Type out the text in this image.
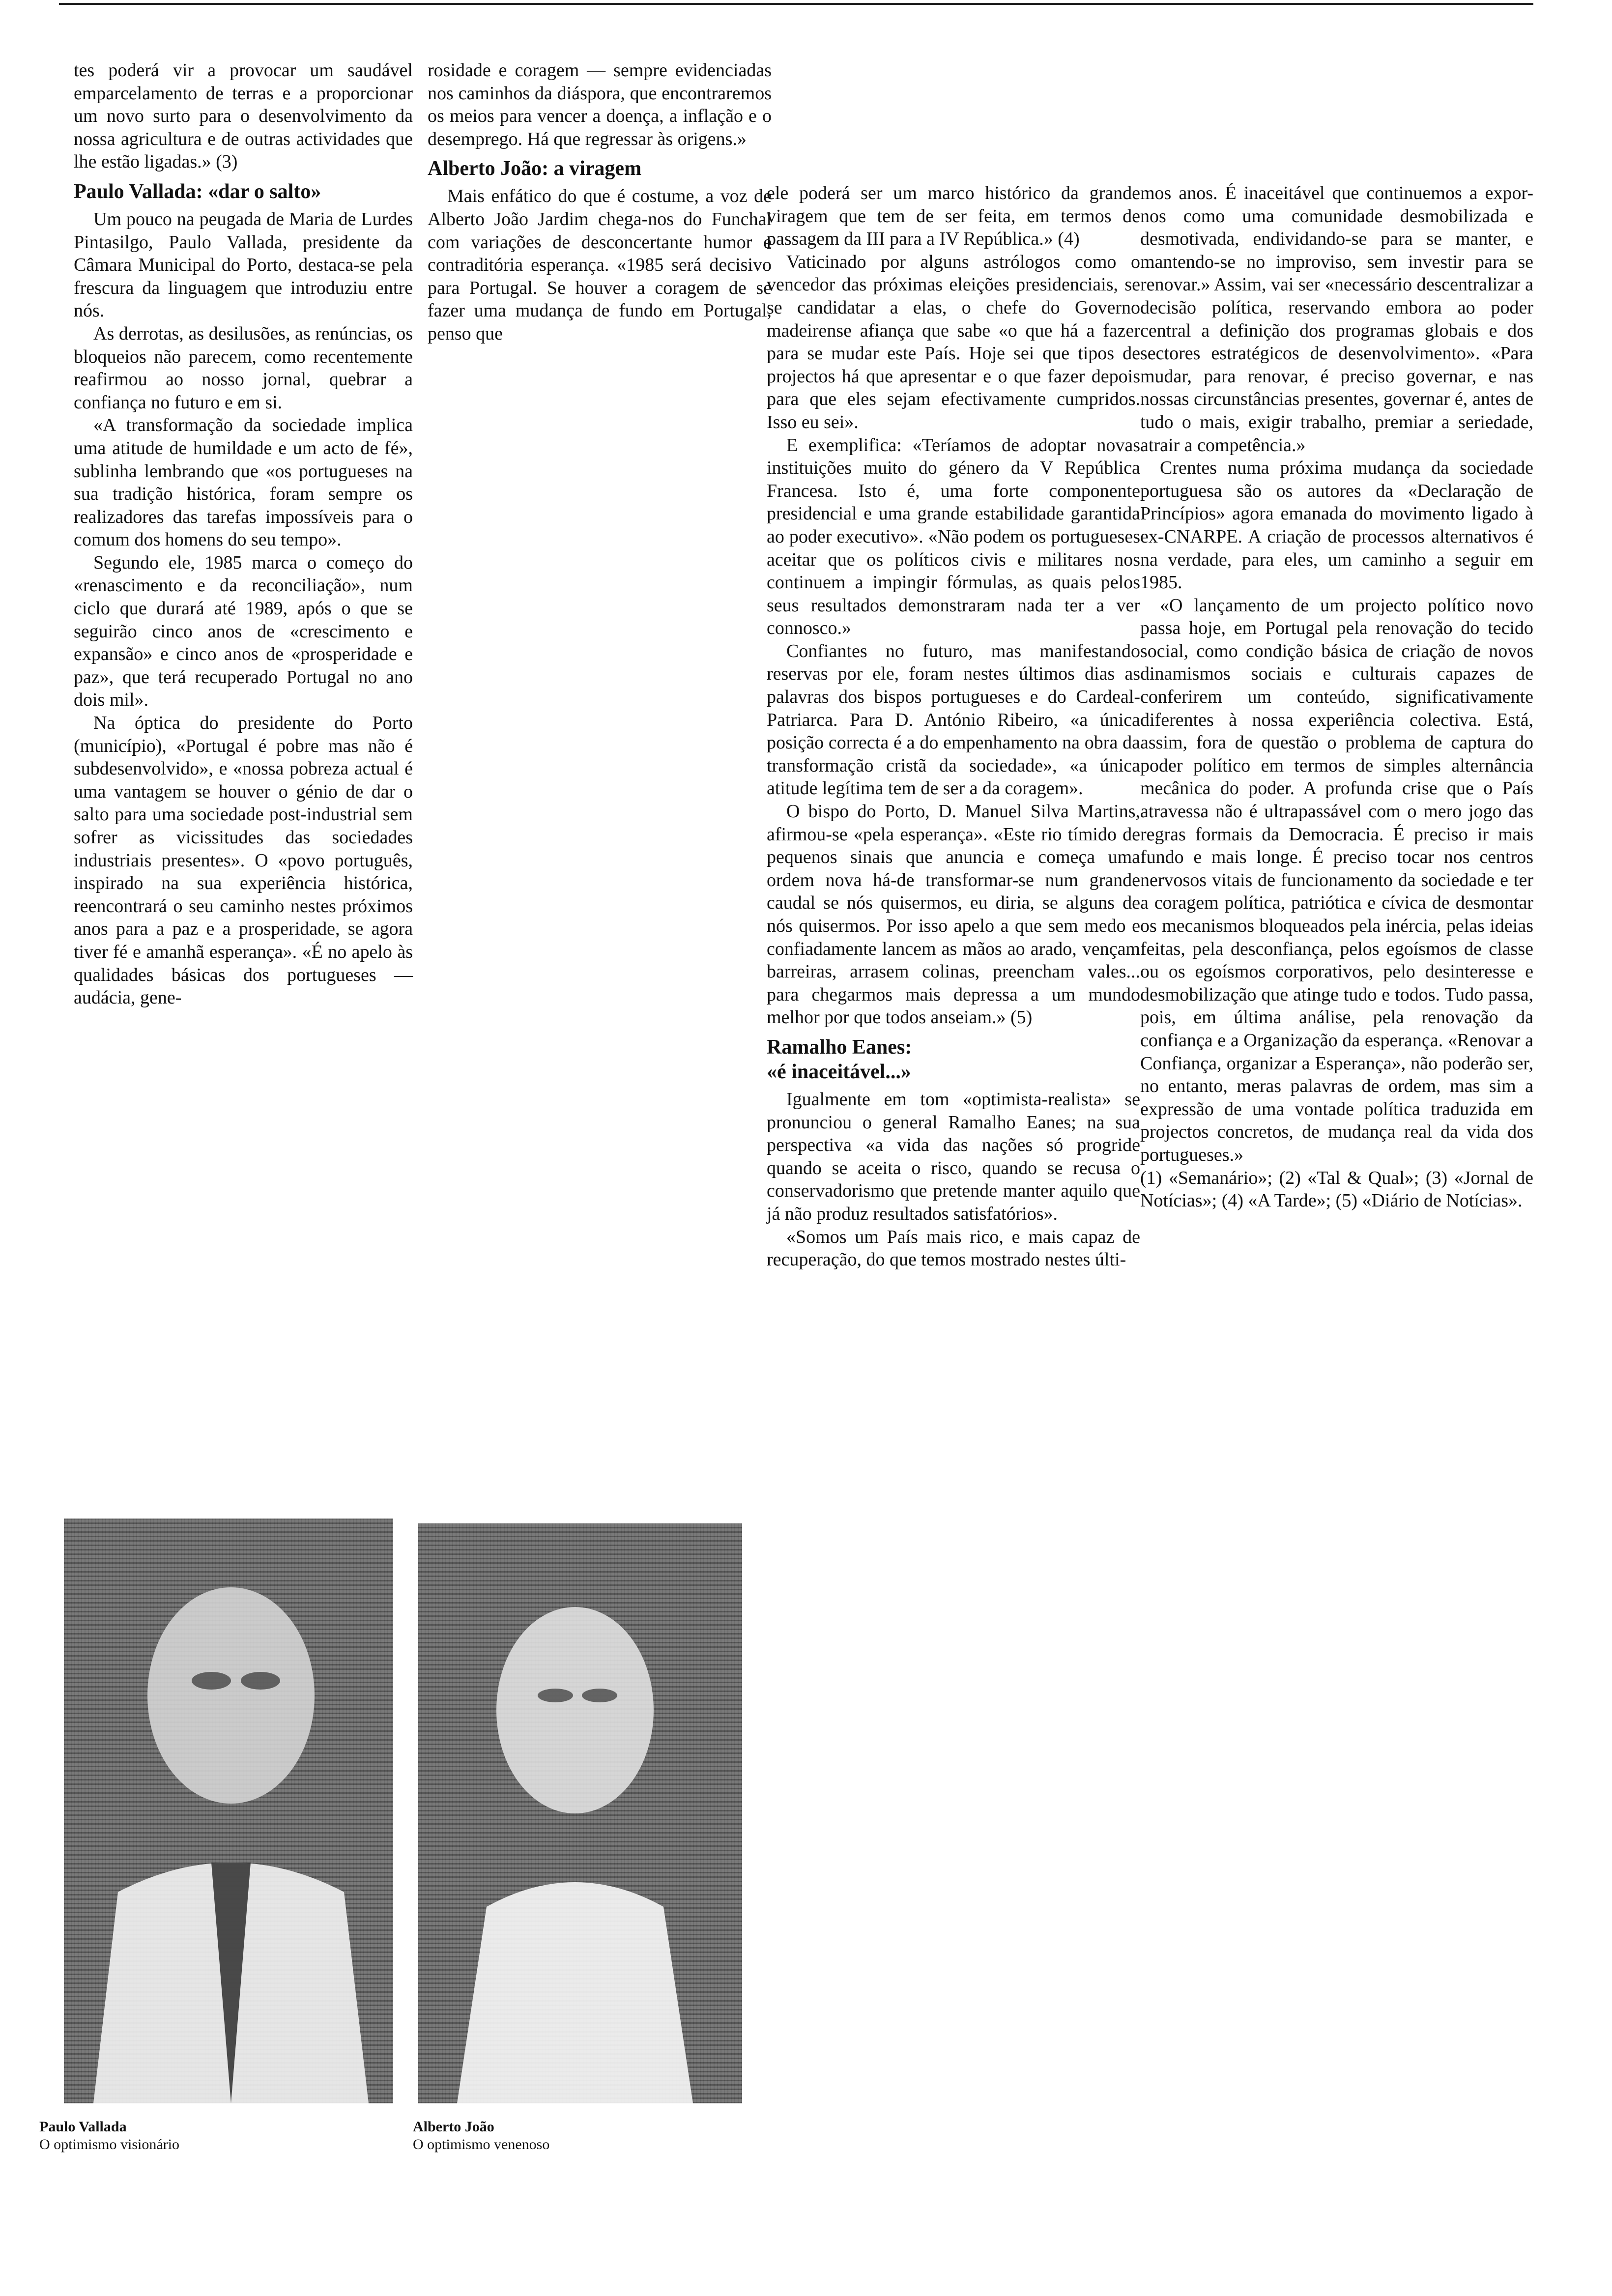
tes poderá vir a provocar um saudável emparcelamento de terras e a proporcionar um novo surto para o desenvolvimento da nossa agricultura e de outras actividades que lhe estão ligadas.» (3)

Paulo Vallada: «dar o salto»

Um pouco na peugada de Maria de Lurdes Pintasilgo, Paulo Vallada, presidente da Câmara Municipal do Porto, destaca-se pela frescura da linguagem que introduziu entre nós.

As derrotas, as desilusões, as renúncias, os bloqueios não parecem, como recentemente reafirmou ao nosso jornal, quebrar a confiança no futuro e em si.

«A transformação da sociedade implica uma atitude de humildade e um acto de fé», sublinha lembrando que «os portugueses na sua tradição histórica, foram sempre os realizadores das tarefas impossíveis para o comum dos homens do seu tempo».

Segundo ele, 1985 marca o começo do «renascimento e da reconciliação», num ciclo que durará até 1989, após o que se seguirão cinco anos de «crescimento e expansão» e cinco anos de «prosperidade e paz», que terá recuperado Portugal no ano dois mil».

Na óptica do presidente do Porto (município), «Portugal é pobre mas não é subdesenvolvido», e «nossa pobreza actual é uma vantagem se houver o génio de dar o salto para uma sociedade post-industrial sem sofrer as vicissitudes das sociedades industriais presentes». O «povo português, inspirado na sua experiência histórica, reencontrará o seu caminho nestes próximos anos para a paz e a prosperidade, se agora tiver fé e amanhã esperança». «É no apelo às qualidades básicas dos portugueses — audácia, gene-

rosidade e coragem — sempre evidenciadas nos caminhos da diáspora, que encontraremos os meios para vencer a doença, a inflação e o desemprego. Há que regressar às origens.»

Alberto João: a viragem

Mais enfático do que é costume, a voz de Alberto João Jardim chega-nos do Funchal com variações de desconcertante humor e contraditória esperança. «1985 será decisivo para Portugal. Se houver a coragem de se fazer uma mudança de fundo em Portugal, penso que

ele poderá ser um marco histórico da grande viragem que tem de ser feita, em termos de passagem da III para a IV República.» (4)

Vaticinado por alguns astrólogos como o vencedor das próximas eleições presidenciais, se se candidatar a elas, o chefe do Governo madeirense afiança que sabe «o que há a fazer para se mudar este País. Hoje sei que tipos de projectos há que apresentar e o que fazer depois para que eles sejam efectivamente cumpridos. Isso eu sei».

E exemplifica: «Teríamos de adoptar novas instituições muito do género da V República Francesa. Isto é, uma forte componente presidencial e uma grande estabilidade garantida ao poder executivo». «Não podem os portugueses aceitar que os políticos civis e militares nos continuem a impingir fórmulas, as quais pelos seus resultados demonstraram nada ter a ver connosco.»

Confiantes no futuro, mas manifestando reservas por ele, foram nestes últimos dias as palavras dos bispos portugueses e do Cardeal-Patriarca. Para D. António Ribeiro, «a única posição correcta é a do empenhamento na obra da transformação cristã da sociedade», «a única atitude legítima tem de ser a da coragem».

O bispo do Porto, D. Manuel Silva Martins, afirmou-se «pela esperança». «Este rio tímido de pequenos sinais que anuncia e começa uma ordem nova há-de transformar-se num grande caudal se nós quisermos, eu diria, se alguns de nós quisermos. Por isso apelo a que sem medo e confiadamente lancem as mãos ao arado, vençam barreiras, arrasem colinas, preencham vales... para chegarmos mais depressa a um mundo melhor por que todos anseiam.» (5)

Ramalho Eanes:
«é inaceitável...»

Igualmente em tom «optimista-realista» se pronunciou o general Ramalho Eanes; na sua perspectiva «a vida das nações só progride quando se aceita o risco, quando se recusa o conservadorismo que pretende manter aquilo que já não produz resultados satisfatórios».

«Somos um País mais rico, e mais capaz de recuperação, do que temos mostrado nestes últi-

mos anos. É inaceitável que continuemos a expor-nos como uma comunidade desmobilizada e desmotivada, endividando-se para se manter, e mantendo-se no improviso, sem investir para se renovar.» Assim, vai ser «necessário descentralizar a decisão política, reservando embora ao poder central a definição dos programas globais e dos sectores estratégicos de desenvolvimento». «Para mudar, para renovar, é preciso governar, e nas nossas circunstâncias presentes, governar é, antes de tudo o mais, exigir trabalho, premiar a seriedade, atrair a competência.»

Crentes numa próxima mudança da sociedade portuguesa são os autores da «Declaração de Princípios» agora emanada do movimento ligado à ex-CNARPE. A criação de processos alternativos é na verdade, para eles, um caminho a seguir em 1985.

«O lançamento de um projecto político novo passa hoje, em Portugal pela renovação do tecido social, como condição básica de criação de novos dinamismos sociais e culturais capazes de conferirem um conteúdo, significativamente diferentes à nossa experiência colectiva. Está, assim, fora de questão o problema de captura do poder político em termos de simples alternância mecânica do poder. A profunda crise que o País atravessa não é ultrapassável com o mero jogo das regras formais da Democracia. É preciso ir mais fundo e mais longe. É preciso tocar nos centros nervosos vitais de funcionamento da sociedade e ter a coragem política, patriótica e cívica de desmontar os mecanismos bloqueados pela inércia, pelas ideias feitas, pela desconfiança, pelos egoísmos de classe ou os egoísmos corporativos, pelo desinteresse e desmobilização que atinge tudo e todos. Tudo passa, pois, em última análise, pela renovação da confiança e a Organização da esperança. «Renovar a Confiança, organizar a Esperança», não poderão ser, no entanto, meras palavras de ordem, mas sim a expressão de uma vontade política traduzida em projectos concretos, de mudança real da vida dos portugueses.»

(1) «Semanário»; (2) «Tal & Qual»; (3) «Jornal de Notícias»; (4) «A Tarde»; (5) «Diário de Notícias».

Paulo Vallada
O optimismo visionário
Alberto João
O optimismo venenoso
